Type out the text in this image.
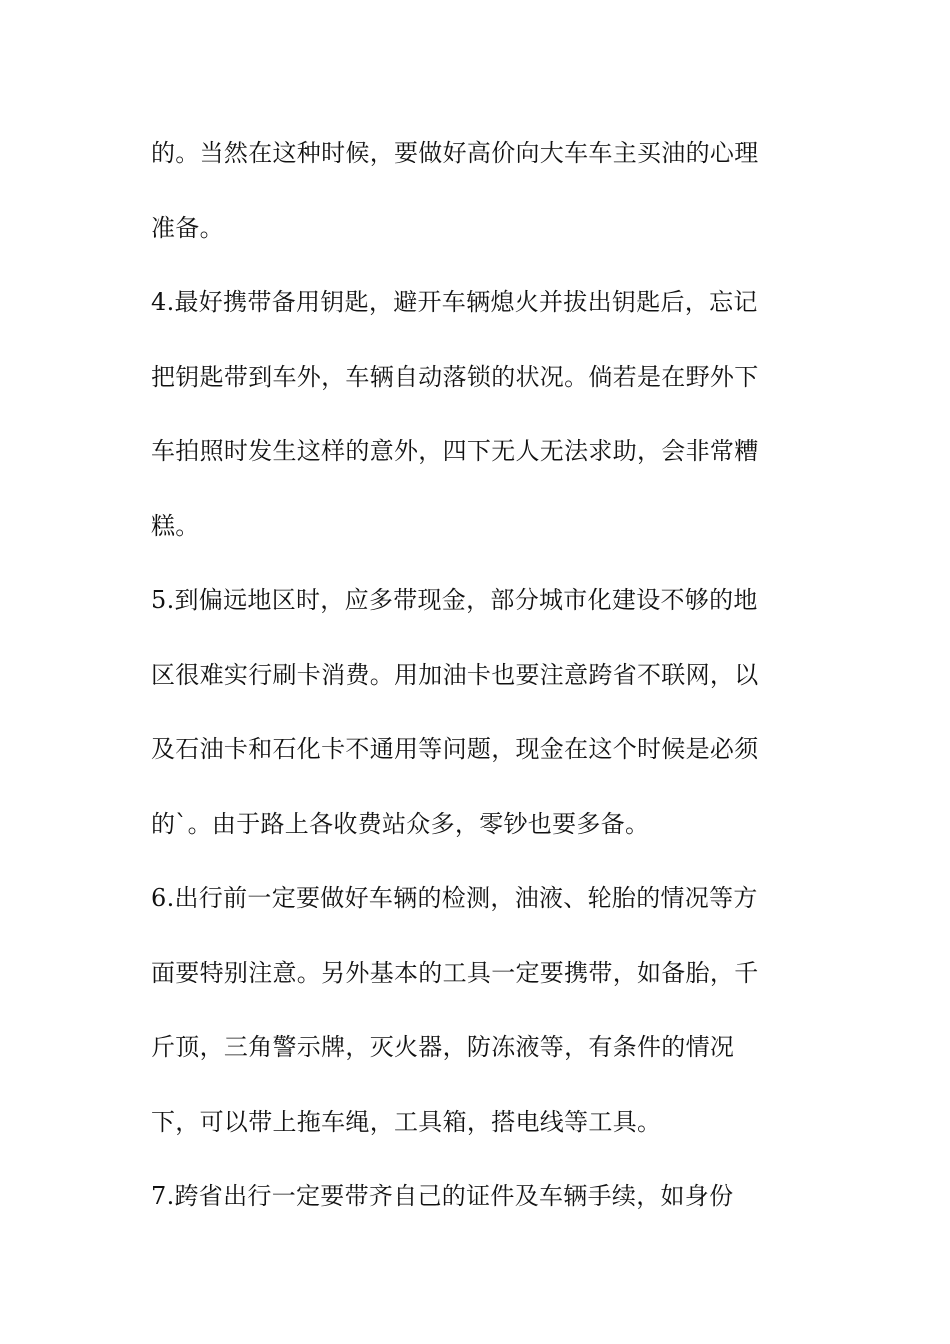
的。当然在这种时候，要做好高价向大车车主买油的心理
准备。
4.最好携带备用钥匙，避开车辆熄火并拔出钥匙后，忘记
把钥匙带到车外，车辆自动落锁的状况。倘若是在野外下
车拍照时发生这样的意外，四下无人无法求助，会非常糟
糕。
5.到偏远地区时，应多带现金，部分城市化建设不够的地
区很难实行刷卡消费。用加油卡也要注意跨省不联网，以
及石油卡和石化卡不通用等问题，现金在这个时候是必须
的`。由于路上各收费站众多，零钞也要多备。
6.出行前一定要做好车辆的检测，油液、轮胎的情况等方
面要特别注意。另外基本的工具一定要携带，如备胎，千
斤顶，三角警示牌，灭火器，防冻液等，有条件的情况
下，可以带上拖车绳，工具箱，搭电线等工具。
7.跨省出行一定要带齐自己的证件及车辆手续，如身份
